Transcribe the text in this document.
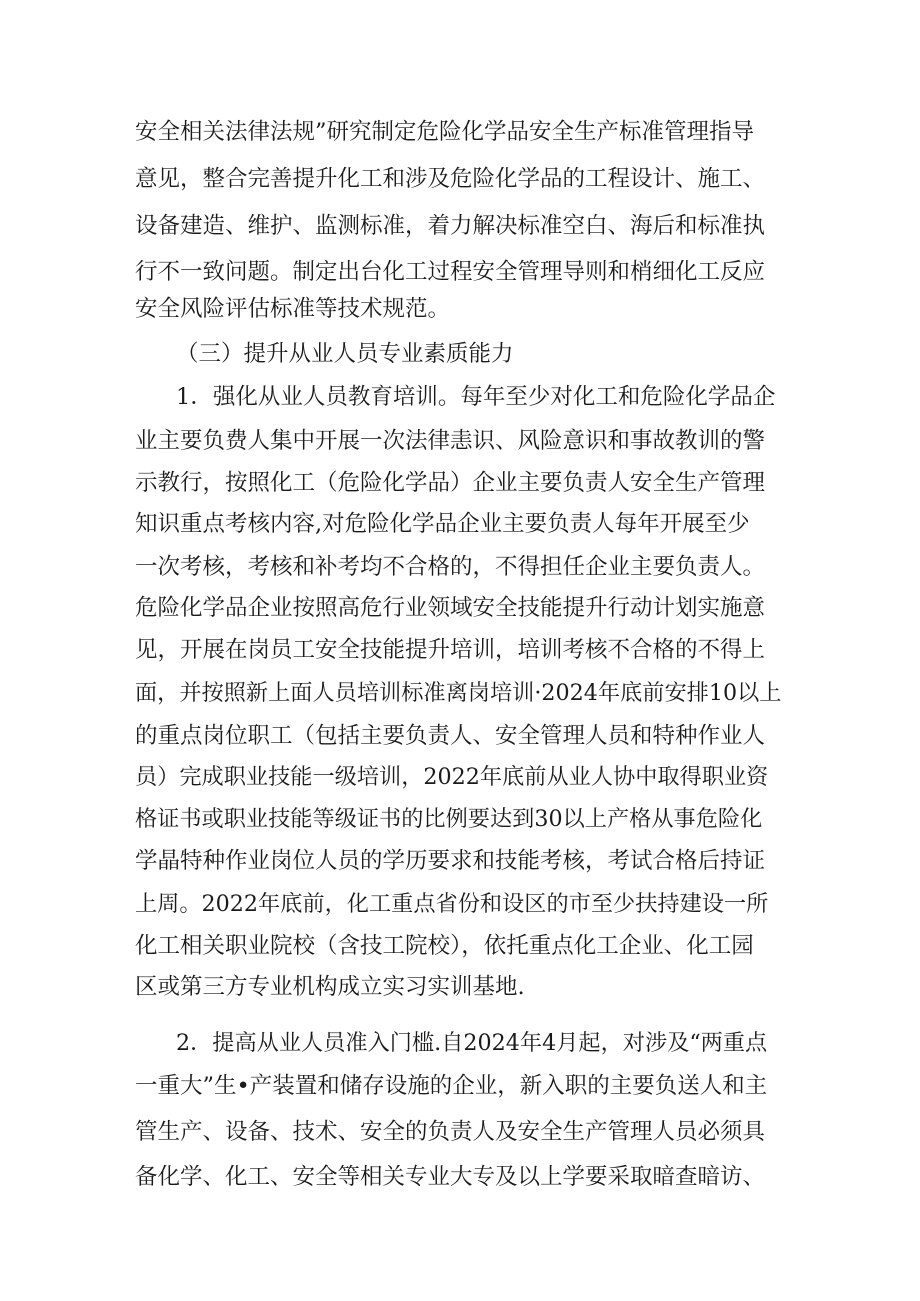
安全相关法律法规”研究制定危险化学品安全生产标准管理指导
意见，整合完善提升化工和涉及危险化学品的工程设计、施工、
设备建造、维护、监测标准，着力解决标准空白、海后和标准执
行不一致问题。制定出台化工过程安全管理导则和梢细化工反应
安全风险评估标准等技术规范。
（三）提升从业人员专业素质能力
1．强化从业人员教育培训。每年至少对化工和危险化学品企
业主要负费人集中开展一次法律恚识、风险意识和事故教训的警
示教行，按照化工（危险化学品）企业主要负责人安全生产管理
知识重点考核内容,对危险化学品企业主要负责人每年开展至少
一次考核，考核和补考均不合格的，不得担任企业主要负责人。
危险化学品企业按照高危行业领域安全技能提升行动计划实施意
见，开展在岗员工安全技能提升培训，培训考核不合格的不得上
面，并按照新上面人员培训标准离岗培训·2024年底前安排10以上
的重点岗位职工（包括主要负责人、安全管理人员和特种作业人
员）完成职业技能一级培训，2022年底前从业人协中取得职业资
格证书或职业技能等级证书的比例要达到30以上产格从事危险化
学晶特种作业岗位人员的学历要求和技能考核，考试合格后持证
上周。2022年底前，化工重点省份和设区的市至少扶持建设一所
化工相关职业院校（含技工院校），依托重点化工企业、化工园
区或第三方专业机构成立实习实训基地.
2．提高从业人员准入门槛.自2024年4月起，对涉及“两重点
一重大”生•产装置和储存设施的企业，新入职的主要负送人和主
管生产、设备、技术、安全的负责人及安全生产管理人员必须具
备化学、化工、安全等相关专业大专及以上学要采取暗查暗访、
